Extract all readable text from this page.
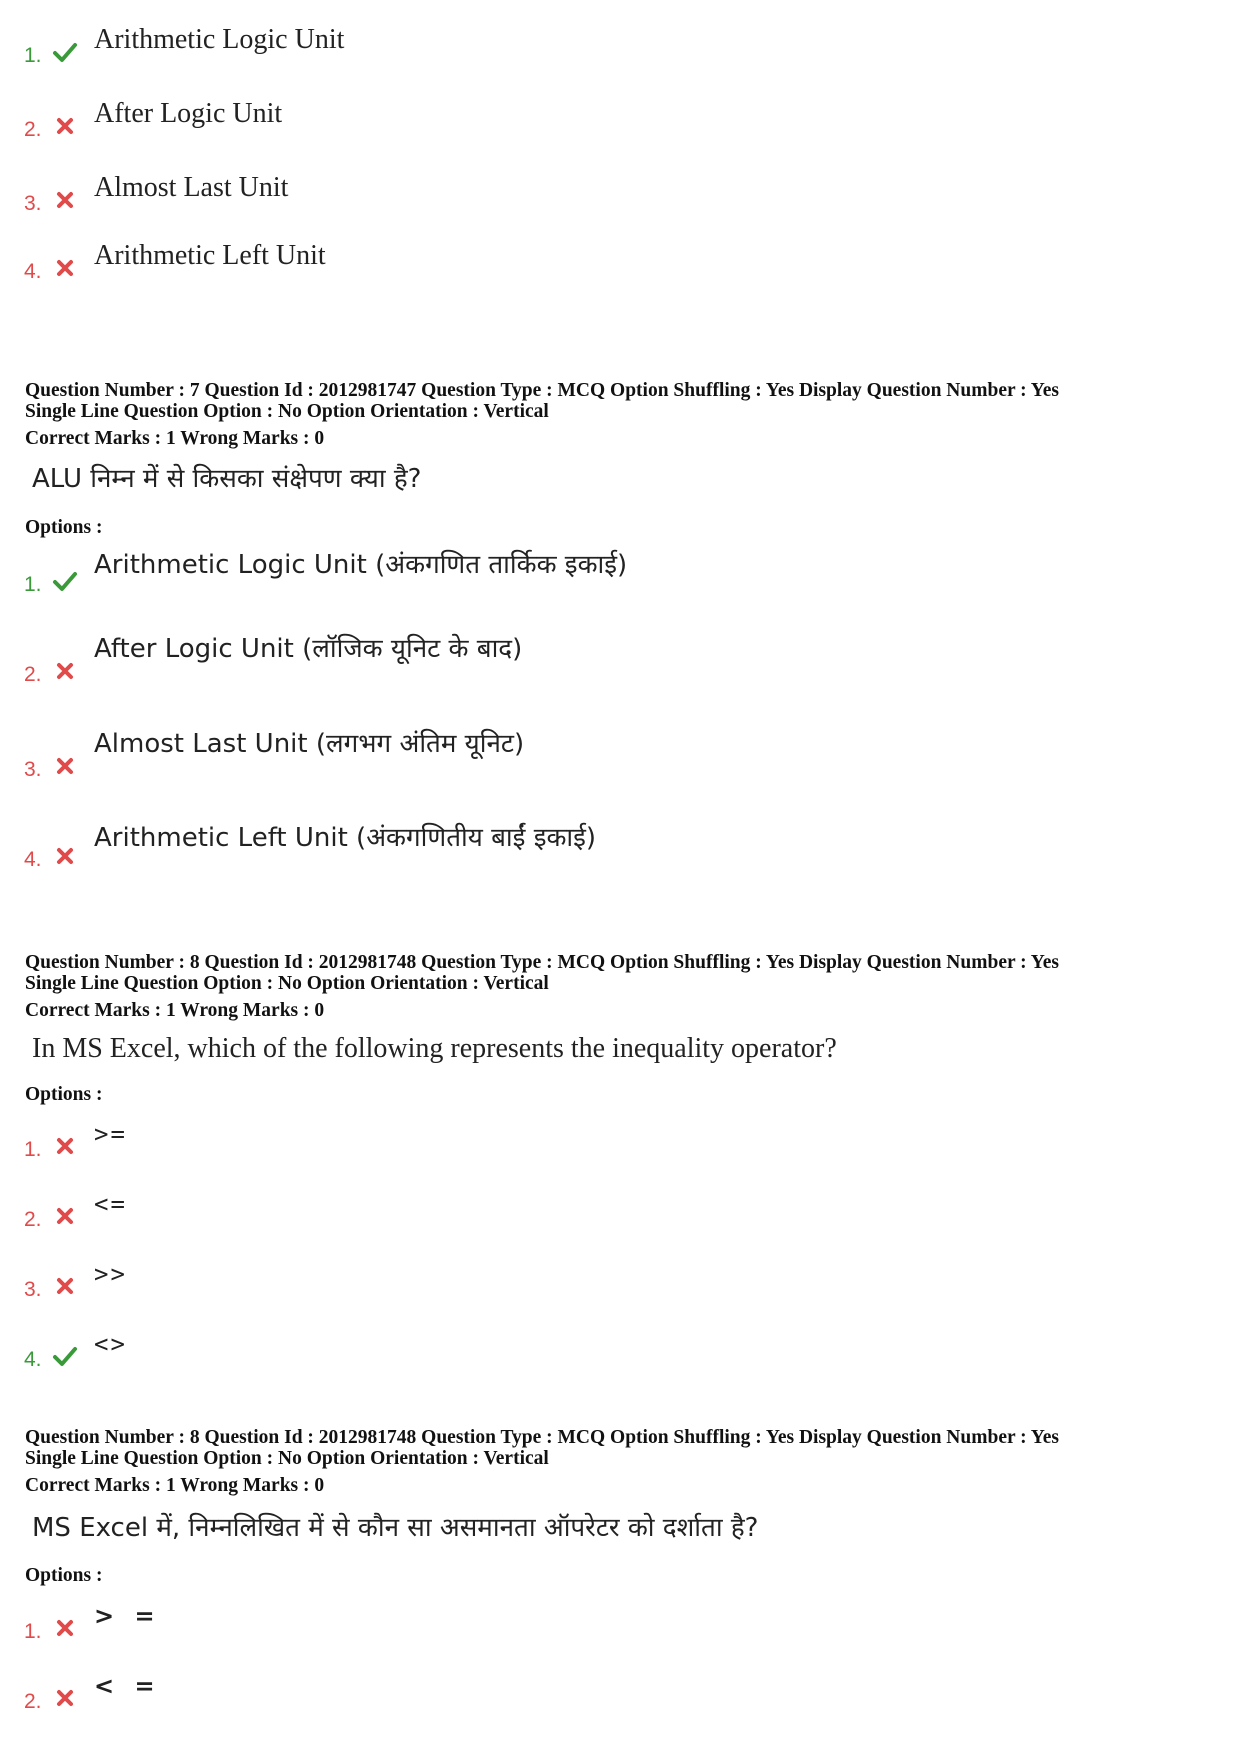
1.
Arithmetic Logic Unit
2.
After Logic Unit
3.
Almost Last Unit
4.
Arithmetic Left Unit
Question Number : 7 Question Id : 2012981747 Question Type : MCQ Option Shuffling : Yes Display Question Number : Yes
Single Line Question Option : No Option Orientation : Vertical
Correct Marks : 1 Wrong Marks : 0
ALU निम्न में से किसका संक्षेपण क्या है?
Options :
1.
Arithmetic Logic Unit (अंकगणित तार्किक इकाई)
2.
After Logic Unit (लॉजिक यूनिट के बाद)
3.
Almost Last Unit (लगभग अंतिम यूनिट)
4.
Arithmetic Left Unit (अंकगणितीय बाईं इकाई)
Question Number : 8 Question Id : 2012981748 Question Type : MCQ Option Shuffling : Yes Display Question Number : Yes
Single Line Question Option : No Option Orientation : Vertical
Correct Marks : 1 Wrong Marks : 0
In MS Excel, which of the following represents the inequality operator?
Options :
1.
>=
2.
<=
3.
>>
4.
<>
Question Number : 8 Question Id : 2012981748 Question Type : MCQ Option Shuffling : Yes Display Question Number : Yes
Single Line Question Option : No Option Orientation : Vertical
Correct Marks : 1 Wrong Marks : 0
MS Excel में, निम्नलिखित में से कौन सा असमानता ऑपरेटर को दर्शाता है?
Options :
1.
> =
2.
< =
